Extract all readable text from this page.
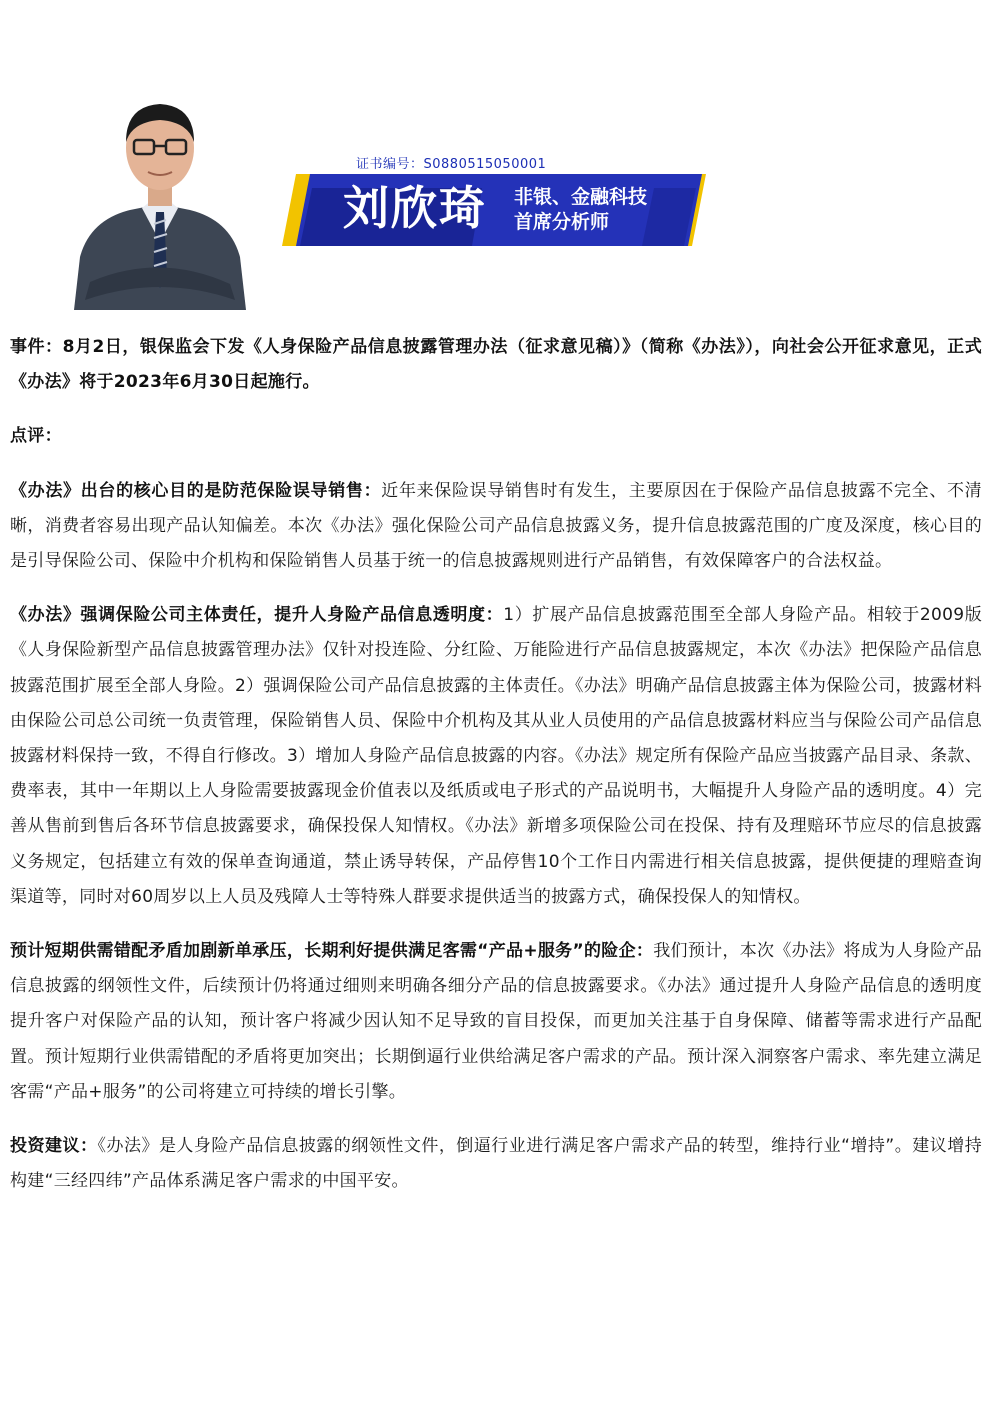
证书编号：S0880515050001
刘欣琦 非银、金融科技
首席分析师

事件：8月2日，银保监会下发《人身保险产品信息披露管理办法（征求意见稿）》（简称《办法》），向社会公开征求意见，正式《办法》将于2023年6月30日起施行。

点评：

《办法》出台的核心目的是防范保险误导销售：近年来保险误导销售时有发生，主要原因在于保险产品信息披露不完全、不清晰，消费者容易出现产品认知偏差。本次《办法》强化保险公司产品信息披露义务，提升信息披露范围的广度及深度，核心目的是引导保险公司、保险中介机构和保险销售人员基于统一的信息披露规则进行产品销售，有效保障客户的合法权益。

《办法》强调保险公司主体责任，提升人身险产品信息透明度：1）扩展产品信息披露范围至全部人身险产品。相较于2009版《人身保险新型产品信息披露管理办法》仅针对投连险、分红险、万能险进行产品信息披露规定，本次《办法》把保险产品信息披露范围扩展至全部人身险。2）强调保险公司产品信息披露的主体责任。《办法》明确产品信息披露主体为保险公司，披露材料由保险公司总公司统一负责管理，保险销售人员、保险中介机构及其从业人员使用的产品信息披露材料应当与保险公司产品信息披露材料保持一致，不得自行修改。3）增加人身险产品信息披露的内容。《办法》规定所有保险产品应当披露产品目录、条款、费率表，其中一年期以上人身险需要披露现金价值表以及纸质或电子形式的产品说明书，大幅提升人身险产品的透明度。4）完善从售前到售后各环节信息披露要求，确保投保人知情权。《办法》新增多项保险公司在投保、持有及理赔环节应尽的信息披露义务规定，包括建立有效的保单查询通道，禁止诱导转保，产品停售10个工作日内需进行相关信息披露，提供便捷的理赔查询渠道等，同时对60周岁以上人员及残障人士等特殊人群要求提供适当的披露方式，确保投保人的知情权。

预计短期供需错配矛盾加剧新单承压，长期利好提供满足客需“产品+服务”的险企：我们预计，本次《办法》将成为人身险产品信息披露的纲领性文件，后续预计仍将通过细则来明确各细分产品的信息披露要求。《办法》通过提升人身险产品信息的透明度提升客户对保险产品的认知，预计客户将减少因认知不足导致的盲目投保，而更加关注基于自身保障、储蓄等需求进行产品配置。预计短期行业供需错配的矛盾将更加突出；长期倒逼行业供给满足客户需求的产品。预计深入洞察客户需求、率先建立满足客需“产品+服务”的公司将建立可持续的增长引擎。

投资建议：《办法》是人身险产品信息披露的纲领性文件，倒逼行业进行满足客户需求产品的转型，维持行业“增持”。建议增持构建“三经四纬”产品体系满足客户需求的中国平安。
